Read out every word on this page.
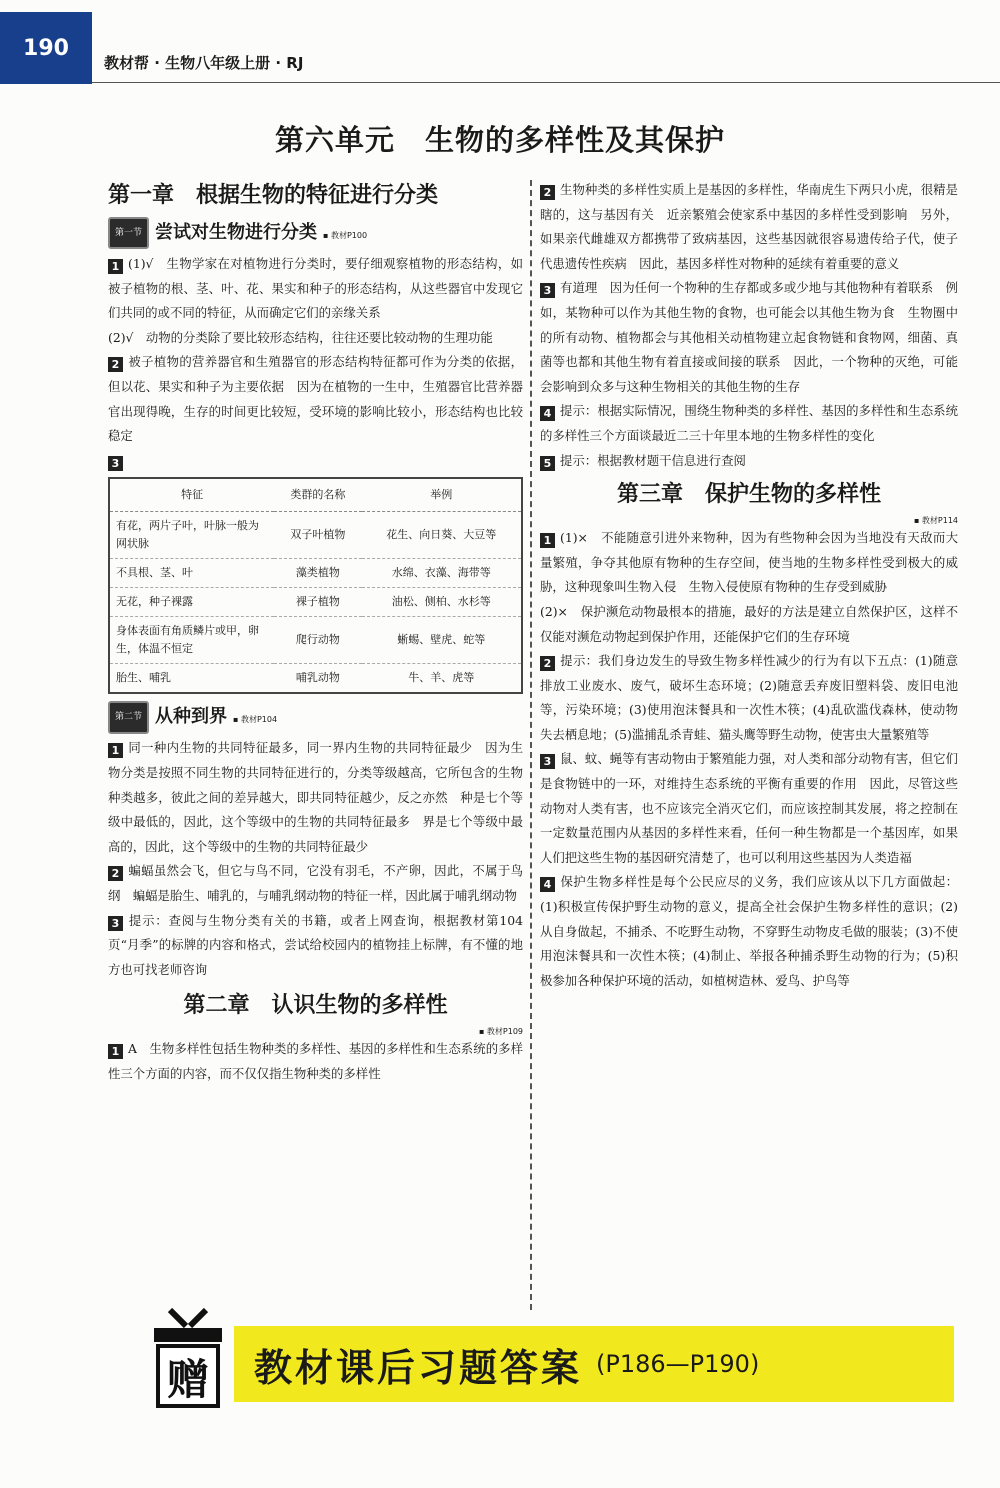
190
教材帮 · 生物八年级上册 · RJ
第六单元　生物的多样性及其保护
第一章　根据生物的特征进行分类
第一节 尝试对生物进行分类 ▪ 教材P100
1 (1)√　生物学家在对植物进行分类时，要仔细观察植物的形态结构，如被子植物的根、茎、叶、花、果实和种子的形态结构，从这些器官中发现它们共同的或不同的特征，从而确定它们的亲缘关系
(2)√　动物的分类除了要比较形态结构，往往还要比较动物的生理功能
2 被子植物的营养器官和生殖器官的形态结构特征都可作为分类的依据，但以花、果实和种子为主要依据　因为在植物的一生中，生殖器官比营养器官出现得晚，生存的时间更比较短，受环境的影响比较小，形态结构也比较稳定
3
特征	类群的名称	举例
有花，两片子叶，叶脉一般为网状脉	双子叶植物	花生、向日葵、大豆等
不具根、茎、叶	藻类植物	水绵、衣藻、海带等
无花，种子裸露	裸子植物	油松、侧柏、水杉等
身体表面有角质鳞片或甲，卵生，体温不恒定	爬行动物	蜥蜴、壁虎、蛇等
胎生、哺乳	哺乳动物	牛、羊、虎等
第二节 从种到界 ▪ 教材P104
1 同一种内生物的共同特征最多，同一界内生物的共同特征最少　因为生物分类是按照不同生物的共同特征进行的，分类等级越高，它所包含的生物种类越多，彼此之间的差异越大，即共同特征越少，反之亦然　种是七个等级中最低的，因此，这个等级中的生物的共同特征最多　界是七个等级中最高的，因此，这个等级中的生物的共同特征最少
2 蝙蝠虽然会飞，但它与鸟不同，它没有羽毛，不产卵，因此，不属于鸟纲　蝙蝠是胎生、哺乳的，与哺乳纲动物的特征一样，因此属于哺乳纲动物
3 提示：查阅与生物分类有关的书籍，或者上网查询，根据教材第104页“月季”的标牌的内容和格式，尝试给校园内的植物挂上标牌，有不懂的地方也可找老师咨询
第二章　认识生物的多样性
▪ 教材P109
1 A　生物多样性包括生物种类的多样性、基因的多样性和生态系统的多样性三个方面的内容，而不仅仅指生物种类的多样性
2 生物种类的多样性实质上是基因的多样性，华南虎生下两只小虎，很精是瞎的，这与基因有关　近亲繁殖会使家系中基因的多样性受到影响　另外，如果亲代雌雄双方都携带了致病基因，这些基因就很容易遗传给子代，使子代患遗传性疾病　因此，基因多样性对物种的延续有着重要的意义
3 有道理　因为任何一个物种的生存都或多或少地与其他物种有着联系　例如，某物种可以作为其他生物的食物，也可能会以其他生物为食　生物圈中的所有动物、植物都会与其他相关动植物建立起食物链和食物网，细菌、真菌等也都和其他生物有着直接或间接的联系　因此，一个物种的灭绝，可能会影响到众多与这种生物相关的其他生物的生存
4 提示：根据实际情况，围绕生物种类的多样性、基因的多样性和生态系统的多样性三个方面谈最近二三十年里本地的生物多样性的变化
5 提示：根据教材题干信息进行查阅
第三章　保护生物的多样性
▪ 教材P114
1 (1)×　不能随意引进外来物种，因为有些物种会因为当地没有天敌而大量繁殖，争夺其他原有物种的生存空间，使当地的生物多样性受到极大的威胁，这种现象叫生物入侵　生物入侵使原有物种的生存受到威胁
(2)×　保护濒危动物最根本的措施，最好的方法是建立自然保护区，这样不仅能对濒危动物起到保护作用，还能保护它们的生存环境
2 提示：我们身边发生的导致生物多样性减少的行为有以下五点：(1)随意排放工业废水、废气，破坏生态环境；(2)随意丢弃废旧塑料袋、废旧电池等，污染环境；(3)使用泡沫餐具和一次性木筷；(4)乱砍滥伐森林，使动物失去栖息地；(5)滥捕乱杀青蛙、猫头鹰等野生动物，使害虫大量繁殖等
3 鼠、蚊、蝇等有害动物由于繁殖能力强，对人类和部分动物有害，但它们是食物链中的一环，对维持生态系统的平衡有重要的作用　因此，尽管这些动物对人类有害，也不应该完全消灭它们，而应该控制其发展，将之控制在一定数量范围内从基因的多样性来看，任何一种生物都是一个基因库，如果人们把这些生物的基因研究清楚了，也可以利用这些基因为人类造福
4 保护生物多样性是每个公民应尽的义务，我们应该从以下几方面做起：(1)积极宣传保护野生动物的意义，提高全社会保护生物多样性的意识；(2)从自身做起，不捕杀、不吃野生动物，不穿野生动物皮毛做的服装；(3)不使用泡沫餐具和一次性木筷；(4)制止、举报各种捕杀野生动物的行为；(5)积极参加各种保护环境的活动，如植树造林、爱鸟、护鸟等
赠 教材课后习题答案 (P186—P190)
